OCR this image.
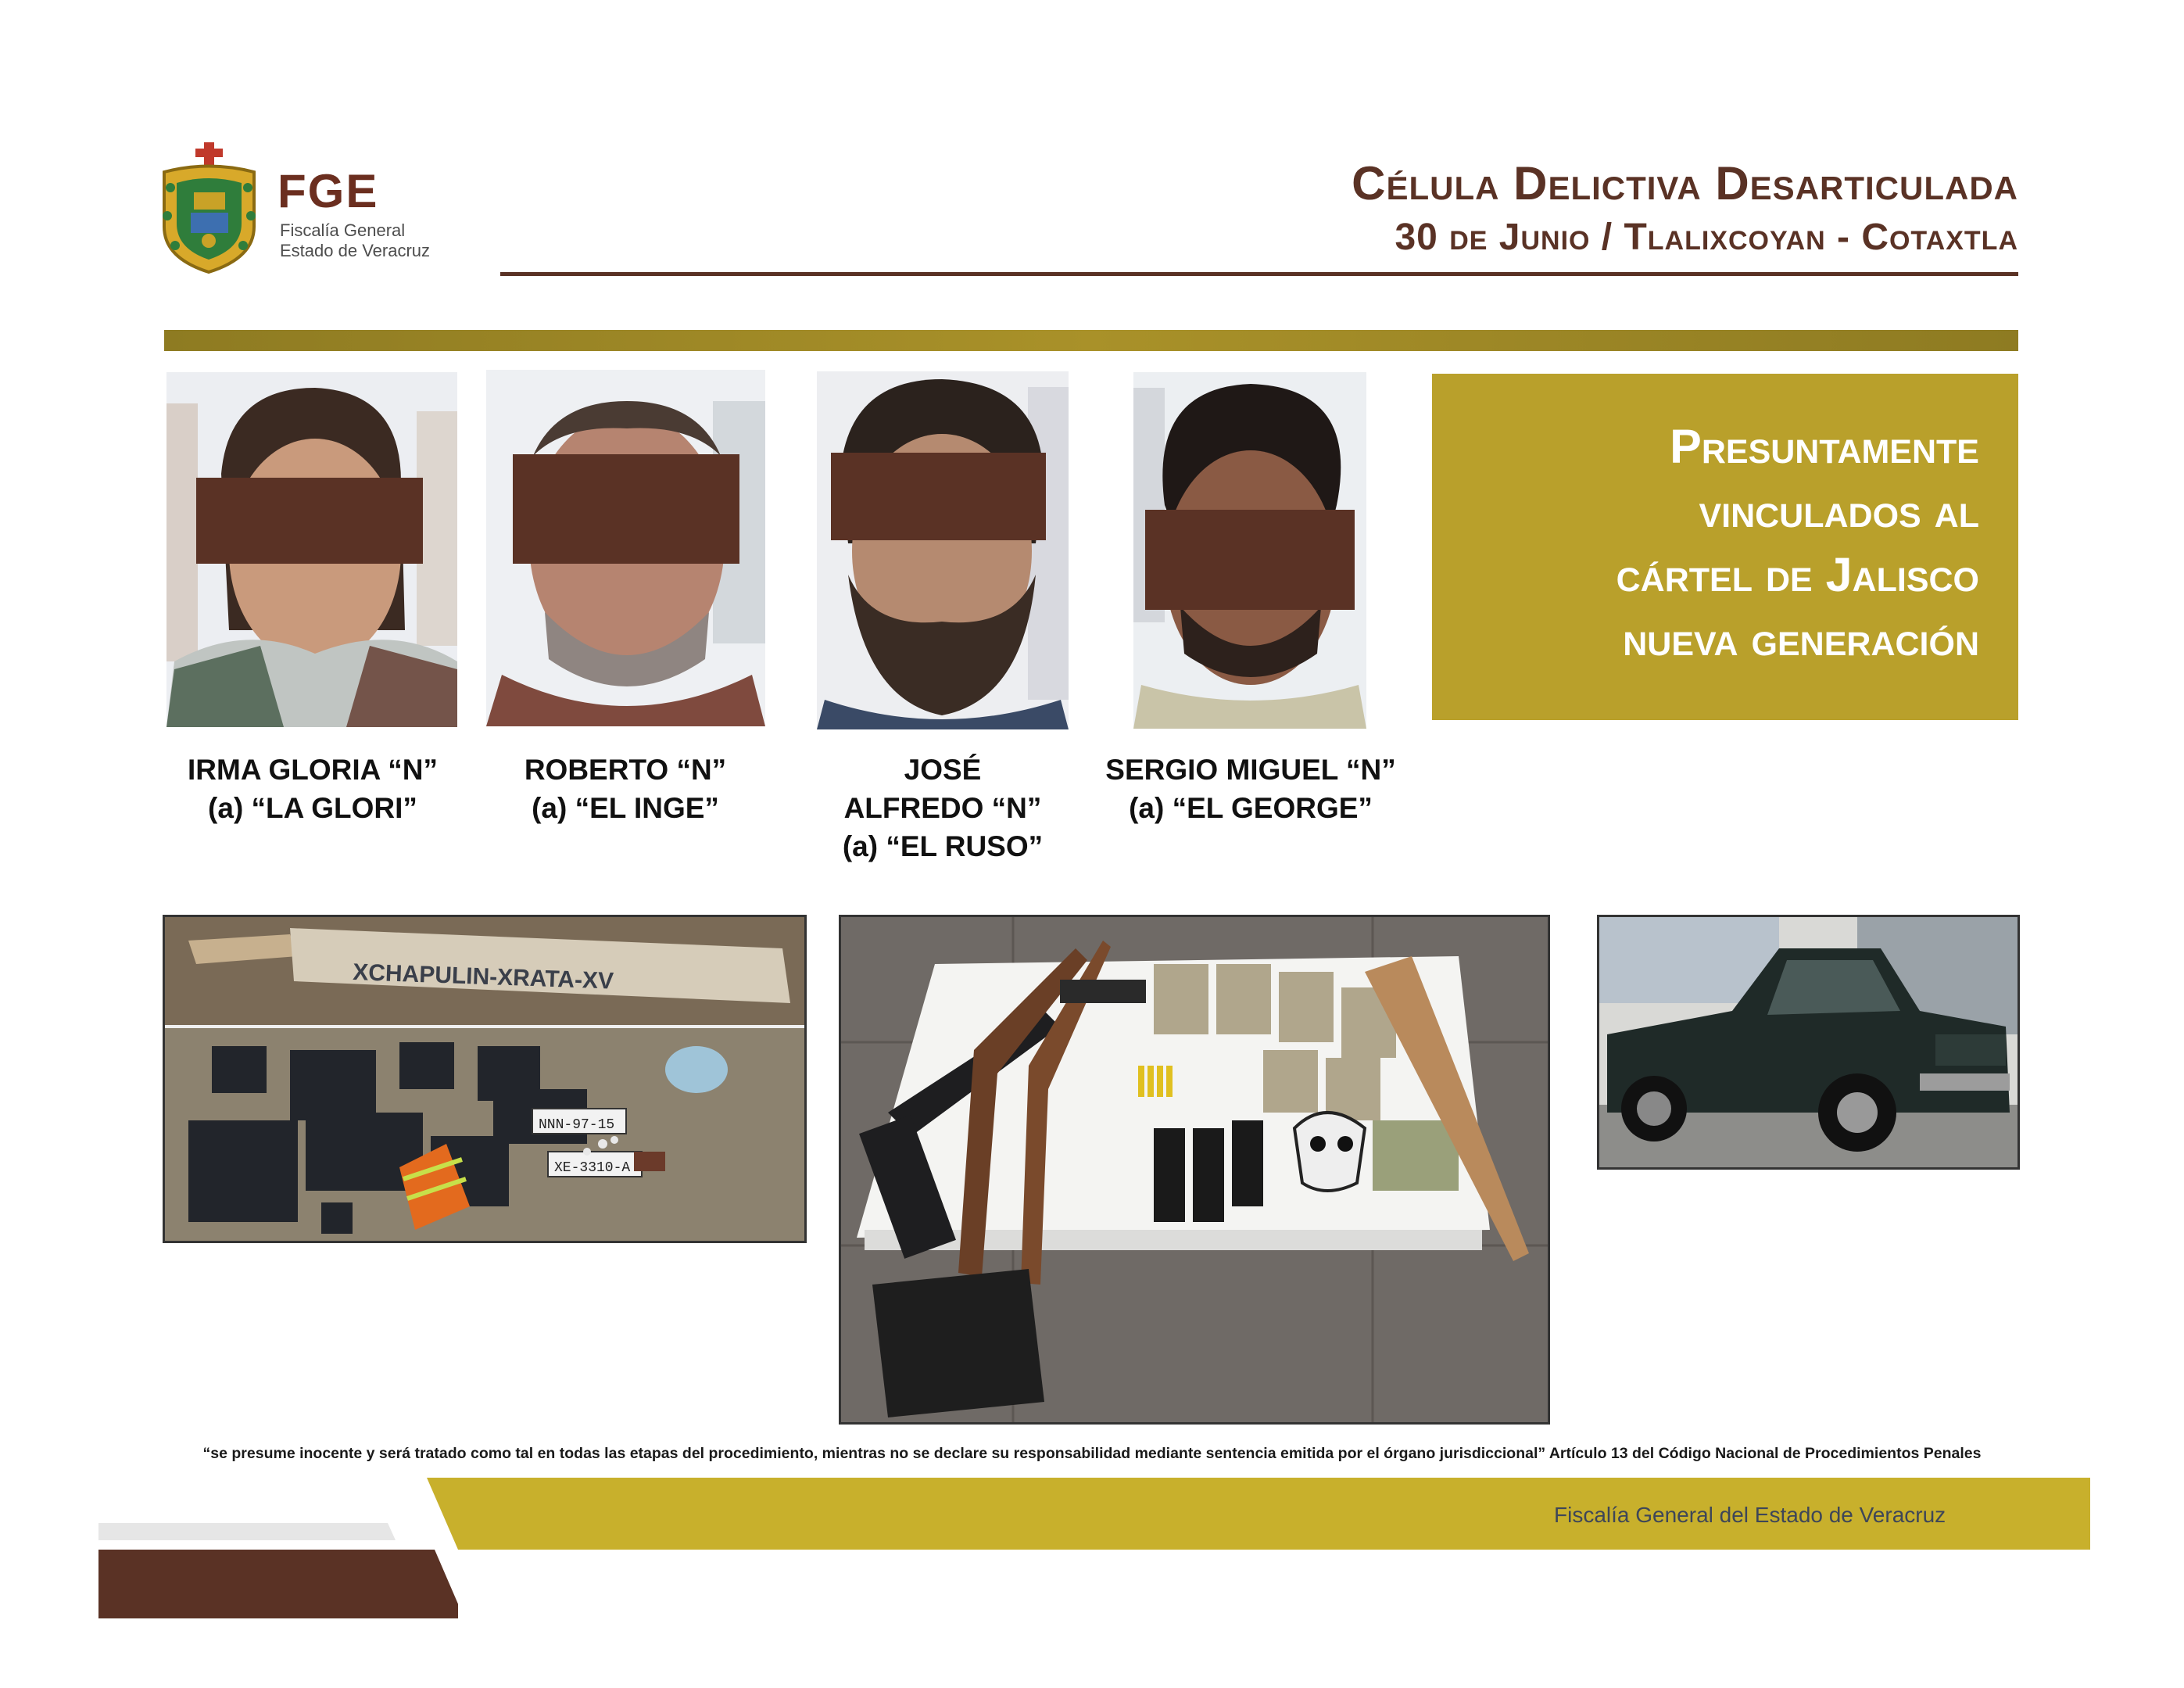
FGE
Fiscalía General
Estado de Veracruz
Célula Delictiva Desarticulada
30 de Junio / Tlalixcoyan - Cotaxtla
IRMA GLORIA “N”
(a) “LA GLORI”
ROBERTO “N”
(a) “EL INGE”
JOSÉ
ALFREDO “N”
(a) “EL RUSO”
SERGIO MIGUEL “N”
(a) “EL GEORGE”
Presuntamente
vinculados al
cártel de Jalisco
nueva generación
XCHAPULIN-XRATA-XV
NNN-97-15
XE-3310-A
“se presume inocente y será tratado como tal en todas las etapas del procedimiento, mientras no se declare su responsabilidad mediante sentencia emitida por el órgano jurisdiccional” Artículo 13 del Código Nacional de Procedimientos Penales
Fiscalía General del Estado de Veracruz
